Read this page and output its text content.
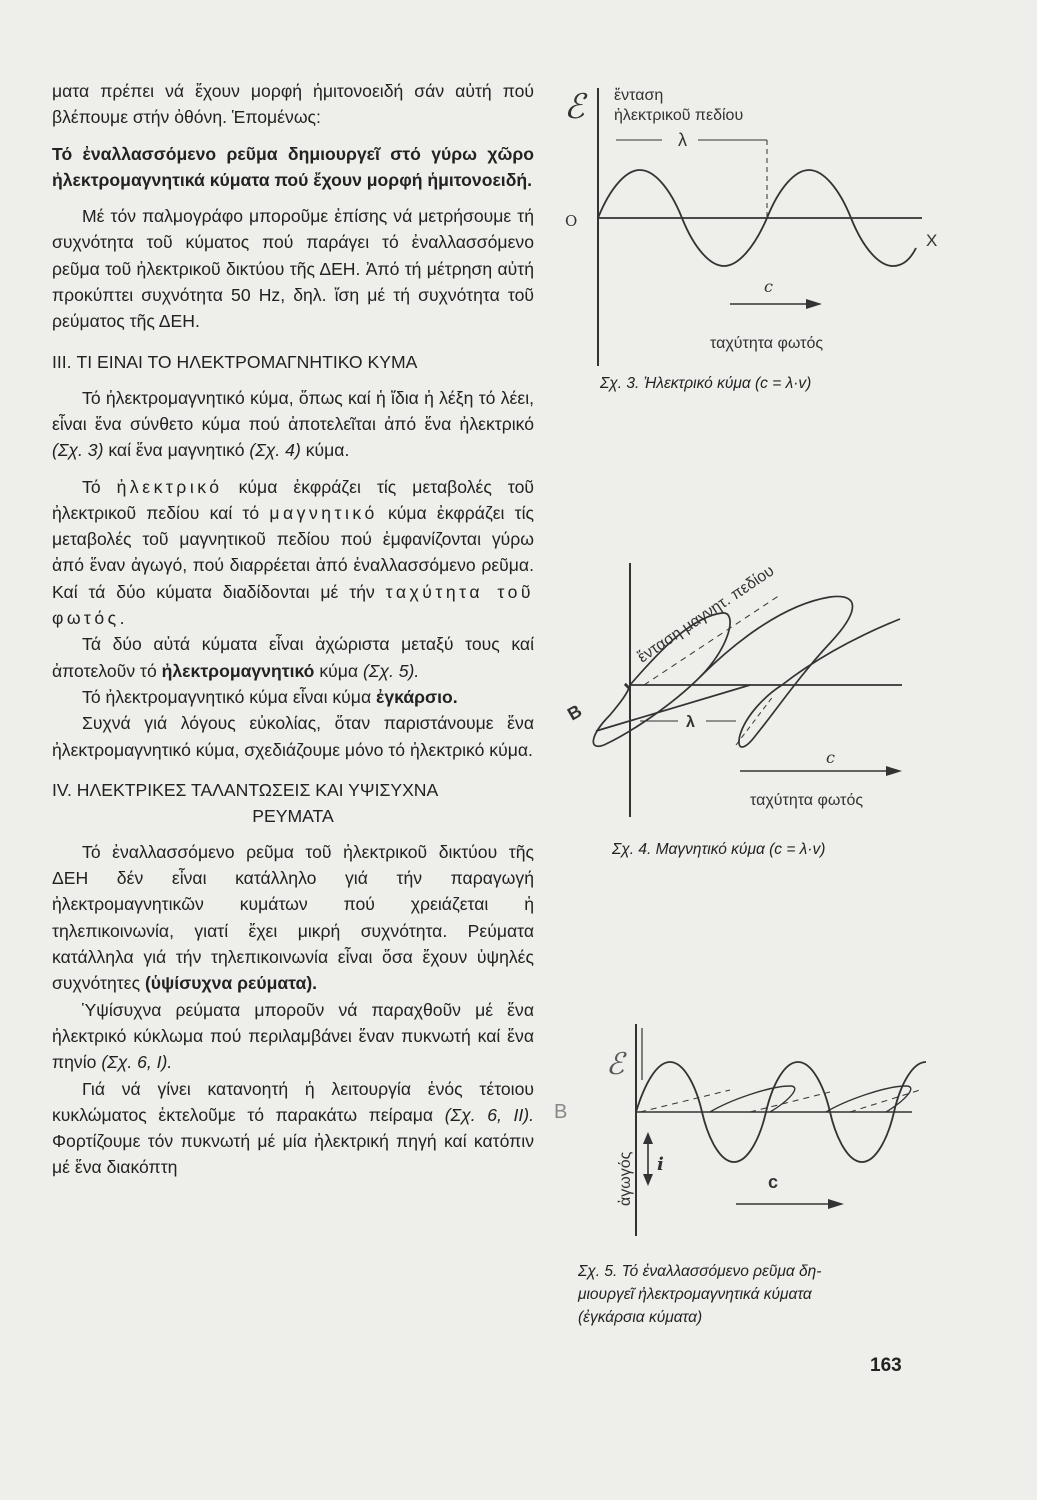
ματα πρέπει νά ἔχουν μορφή ἡμιτονοειδή σάν αὐτή πού βλέπουμε στήν ὀθόνη. Ἑπομένως:

Τό ἐναλλασσόμενο ρεῦμα δημιουργεῖ στό γύρω χῶρο ἠλεκτρομαγνητικά κύματα πού ἔχουν μορφή ἡμιτονοειδή.

Μέ τόν παλμογράφο μποροῦμε ἐπίσης νά μετρήσουμε τή συχνότητα τοῦ κύματος πού παράγει τό ἐναλλασσόμενο ρεῦμα τοῦ ἠλεκτρικοῦ δικτύου τῆς ΔΕΗ. Ἀπό τή μέτρηση αὐτή προκύπτει συχνότητα 50 Hz, δηλ. ἴση μέ τή συχνότητα τοῦ ρεύματος τῆς ΔΕΗ.

III. ΤΙ ΕΙΝΑΙ ΤΟ ΗΛΕΚΤΡΟΜΑΓΝΗΤΙΚΟ ΚΥΜΑ

Τό ἠλεκτρομαγνητικό κύμα, ὅπως καί ἡ ἴδια ἡ λέξη τό λέει, εἶναι ἕνα σύνθετο κύμα πού ἀποτελεῖται ἀπό ἕνα ἠλεκτρικό (Σχ. 3) καί ἕνα μαγνητικό (Σχ. 4) κύμα.

Τό ἠλεκτρικό κύμα ἐκφράζει τίς μεταβολές τοῦ ἠλεκτρικοῦ πεδίου καί τό μαγνητικό κύμα ἐκφράζει τίς μεταβολές τοῦ μαγνητικοῦ πεδίου πού ἐμφανίζονται γύρω ἀπό ἕναν ἀγωγό, πού διαρρέεται ἀπό ἐναλλασσόμενο ρεῦμα. Καί τά δύο κύματα διαδίδονται μέ τήν ταχύτητα τοῦ φωτός.

Τά δύο αὐτά κύματα εἶναι ἀχώριστα μεταξύ τους καί ἀποτελοῦν τό ἠλεκτρομαγνητικό κύμα (Σχ. 5).

Τό ἠλεκτρομαγνητικό κύμα εἶναι κύμα ἐγκάρσιο.

Συχνά γιά λόγους εὐκολίας, ὅταν παριστάνουμε ἕνα ἠλεκτρομαγνητικό κύμα, σχεδιάζουμε μόνο τό ἠλεκτρικό κύμα.

IV. ΗΛΕΚΤΡΙΚΕΣ ΤΑΛΑΝΤΩΣΕΙΣ ΚΑΙ ΥΨΙΣΥΧΝΑ

ΡΕΥΜΑΤΑ

Τό ἐναλλασσόμενο ρεῦμα τοῦ ἠλεκτρικοῦ δικτύου τῆς ΔΕΗ δέν εἶναι κατάλληλο γιά τήν παραγωγή ἠλεκτρομαγνητικῶν κυμάτων πού χρειάζεται ἡ τηλεπικοινωνία, γιατί ἔχει μικρή συχνότητα. Ρεύματα κατάλληλα γιά τήν τηλεπικοινωνία εἶναι ὅσα ἔχουν ὑψηλές συχνότητες (ὑψίσυχνα ρεύματα).

Ὑψίσυχνα ρεύματα μποροῦν νά παραχθοῦν μέ ἕνα ἠλεκτρικό κύκλωμα πού περιλαμβάνει ἕναν πυκνωτή καί ἕνα πηνίο (Σχ. 6, I).

Γιά νά γίνει κατανοητή ἡ λειτουργία ἑνός τέτοιου κυκλώματος ἐκτελοῦμε τό παρακάτω πείραμα (Σχ. 6, II). Φορτίζουμε τόν πυκνωτή μέ μία ἠλεκτρική πηγή καί κατόπιν μέ ἕνα διακόπτη

ℰ ἔνταση
ἠλεκτρικοῦ πεδίου
λ
O
X
c
ταχύτητα φωτός
Σχ. 3. Ἠλεκτρικό κύμα (c = λ·v)
ἔνταση μαγνητ. πεδίου
B	λ
c
ταχύτητα φωτός
Σχ. 4. Μαγνητικό κύμα (c = λ·v)
ℰ
B
ἀγωγός i
c
Σχ. 5. Τό ἐναλλασσόμενο ρεῦμα δη-
μιουργεῖ ἠλεκτρομαγνητικά κύματα
(ἐγκάρσια κύματα)
163
